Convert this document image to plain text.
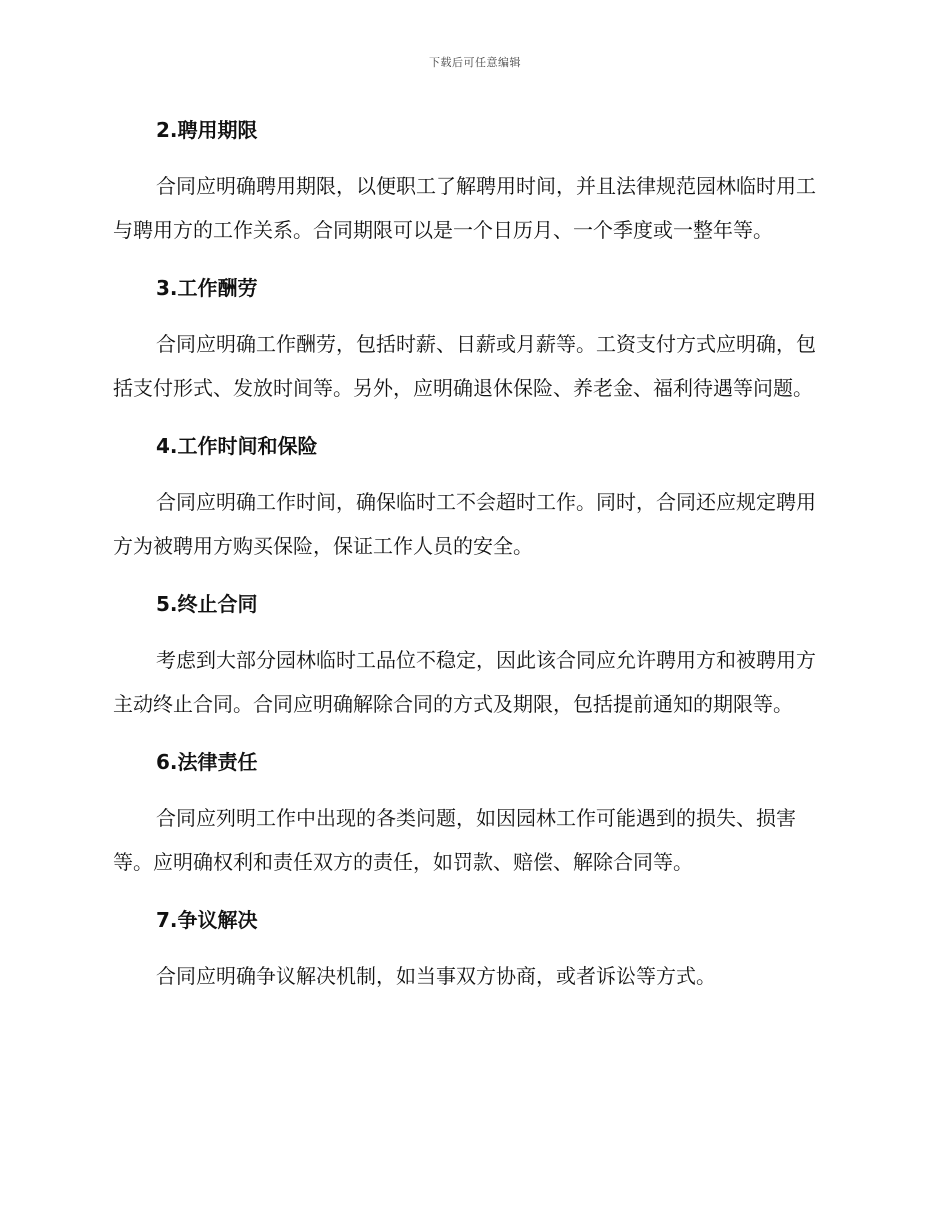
下载后可任意编辑
2.聘用期限

合同应明确聘用期限，以便职工了解聘用时间，并且法律规范园林临时用工与聘用方的工作关系。合同期限可以是一个日历月、一个季度或一整年等。

3.工作酬劳

合同应明确工作酬劳，包括时薪、日薪或月薪等。工资支付方式应明确，包括支付形式、发放时间等。另外，应明确退休保险、养老金、福利待遇等问题。

4.工作时间和保险

合同应明确工作时间，确保临时工不会超时工作。同时，合同还应规定聘用方为被聘用方购买保险，保证工作人员的安全。

5.终止合同

考虑到大部分园林临时工品位不稳定，因此该合同应允许聘用方和被聘用方主动终止合同。合同应明确解除合同的方式及期限，包括提前通知的期限等。

6.法律责任

合同应列明工作中出现的各类问题，如因园林工作可能遇到的损失、损害等。应明确权利和责任双方的责任，如罚款、赔偿、解除合同等。

7.争议解决

合同应明确争议解决机制，如当事双方协商，或者诉讼等方式。
